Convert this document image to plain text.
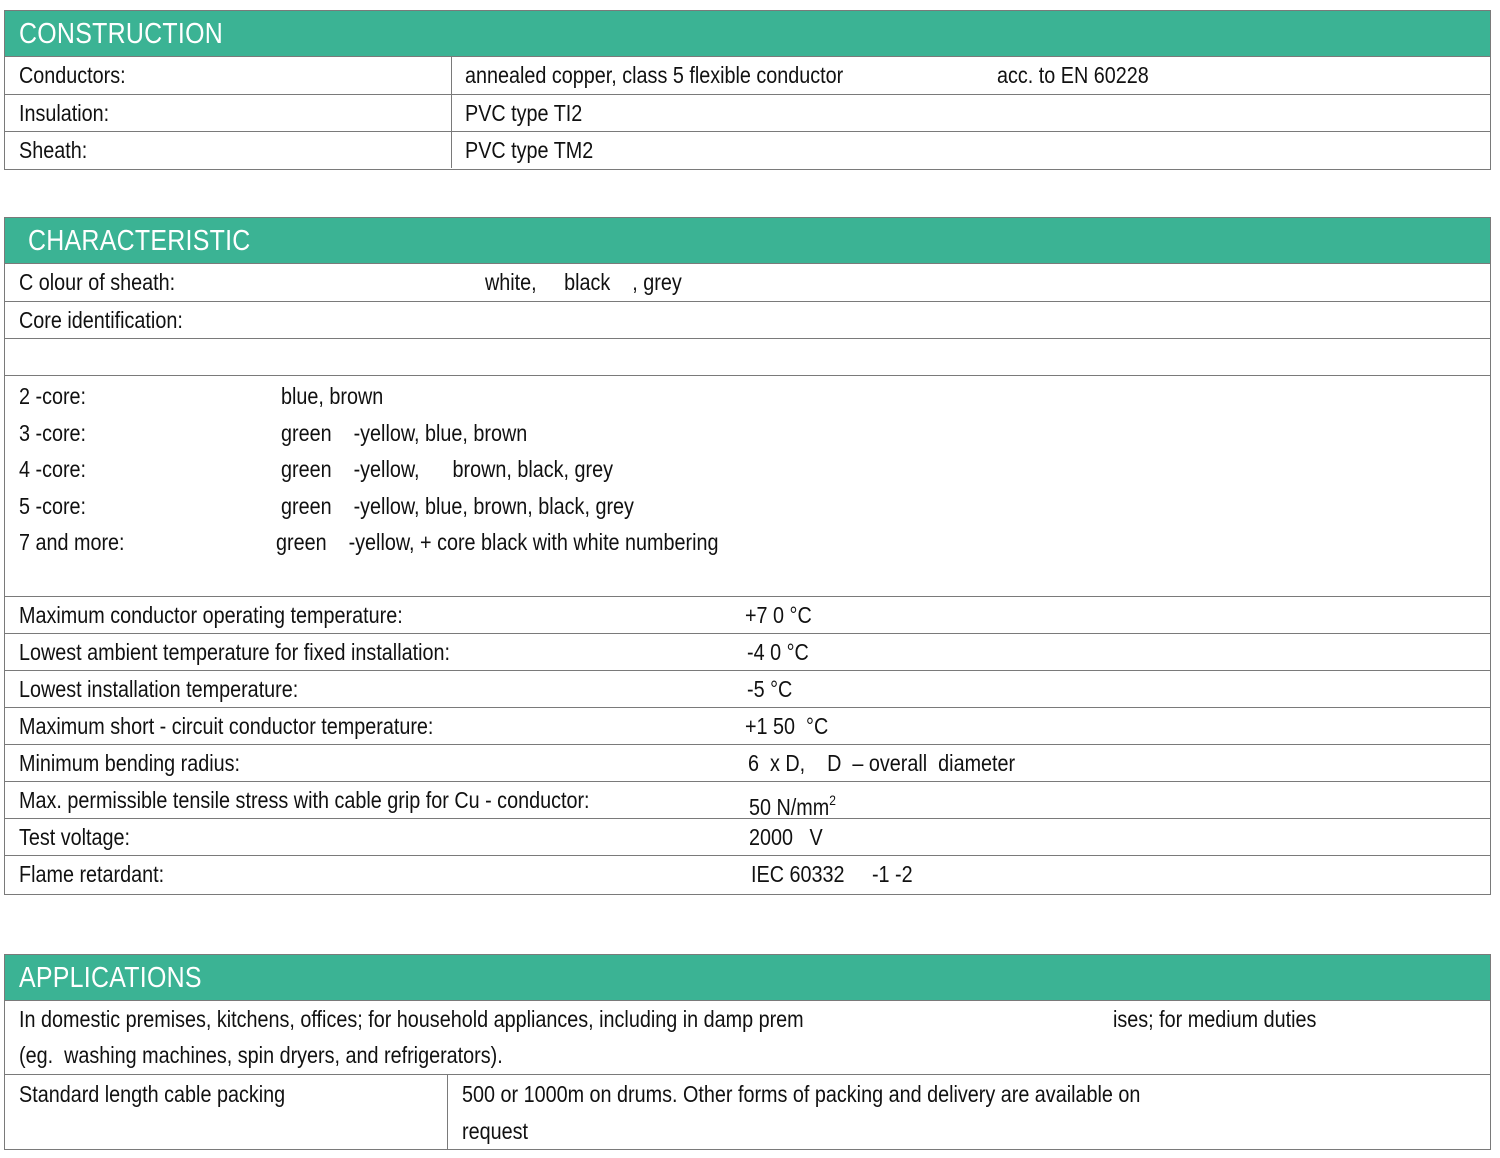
CONSTRUCTION
Conductors:	annealed copper, class 5 flexible conductor	acc. to EN 60228
Insulation:	PVC type TI2
Sheath:	PVC type TM2
CHARACTERISTIC
C olour of sheath:	white,     black    , grey
Core identification:
2 -core:	blue, brown
3 -core:	green    -yellow, blue, brown
4 -core:	green    -yellow,      brown, black, grey
5 -core:	green    -yellow, blue, brown, black, grey
7 and more:	green    -yellow, + core black with white numbering
Maximum conductor operating temperature:	+7 0 °C
Lowest ambient temperature for fixed installation:	-4 0 °C
Lowest installation temperature:	-5 °C
Maximum short - circuit conductor temperature:	+1 50  °C
Minimum bending radius:	6  x D,    D  – overall  diameter
Max. permissible tensile stress with cable grip for Cu - conductor:	50 $N/mm^2$
Test voltage:	2000   V
Flame retardant:	IEC 60332     -1 -2
APPLICATIONS
In domestic premises, kitchens, offices; for household appliances, including in damp prem	ises; for medium duties
(eg.  washing machines, spin dryers, and refrigerators).
Standard length cable packing	500 or 1000m on drums. Other forms of packing and delivery are available on
request
